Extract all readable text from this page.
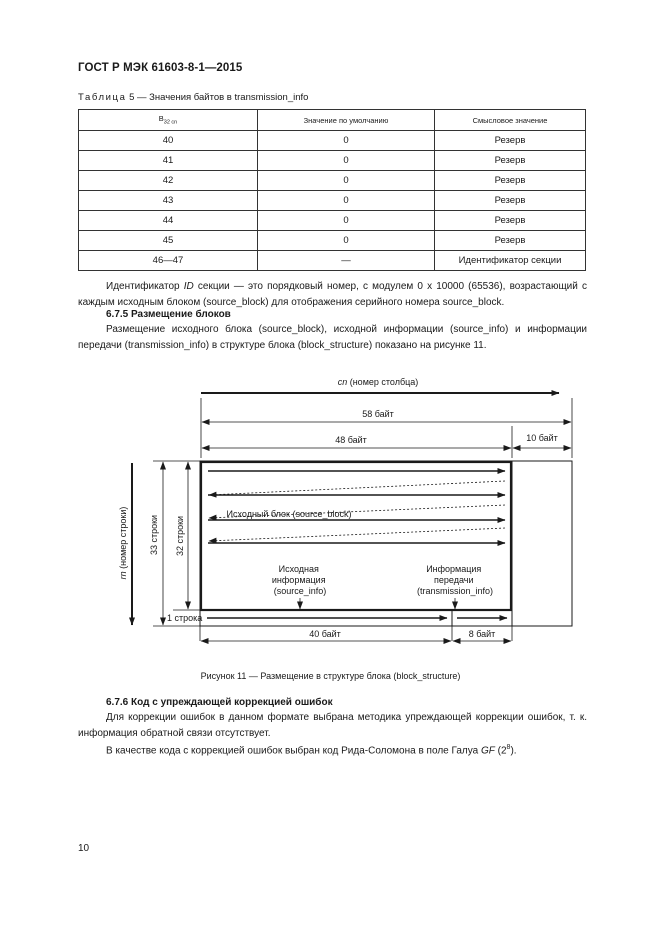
ГОСТ Р МЭК 61603-8-1—2015
Таблица 5 — Значения байтов в transmission_info
$B_{32 cn}$	Значение по умолчанию	Смысловое значение
40	0	Резерв
41	0	Резерв
42	0	Резерв
43	0	Резерв
44	0	Резерв
45	0	Резерв
46—47	—	Идентификатор секции
Идентификатор ID секции — это порядковый номер, с модулем 0 х 10000 (65536), возрастающий с каждым исходным блоком (source_block) для отображения серийного номера source_block.
6.7.5 Размещение блоков
Размещение исходного блока (source_block), исходной информации (source_info) и информации передачи (transmission_info) в структуре блока (block_structure) показано на рисунке 11.
cn (номер столбца)
58 байт
48 байт	10 байт
Исходный блок (source_block)
Исходная информация (source_info)
Информация передачи (transmission_info)
rn (номер строки) 33 строки 32 строки
1 строка
40 байт	8 байт
Рисунок 11 — Размещение в структуре блока (block_structure)
6.7.6 Код с упреждающей коррекцией ошибок
Для коррекции ошибок в данном формате выбрана методика упреждающей коррекции ошибок, т. к. информация обратной связи отсутствует.
В качестве кода с коррекцией ошибок выбран код Рида-Соломона в поле Галуа GF $(2^8)$.
10
